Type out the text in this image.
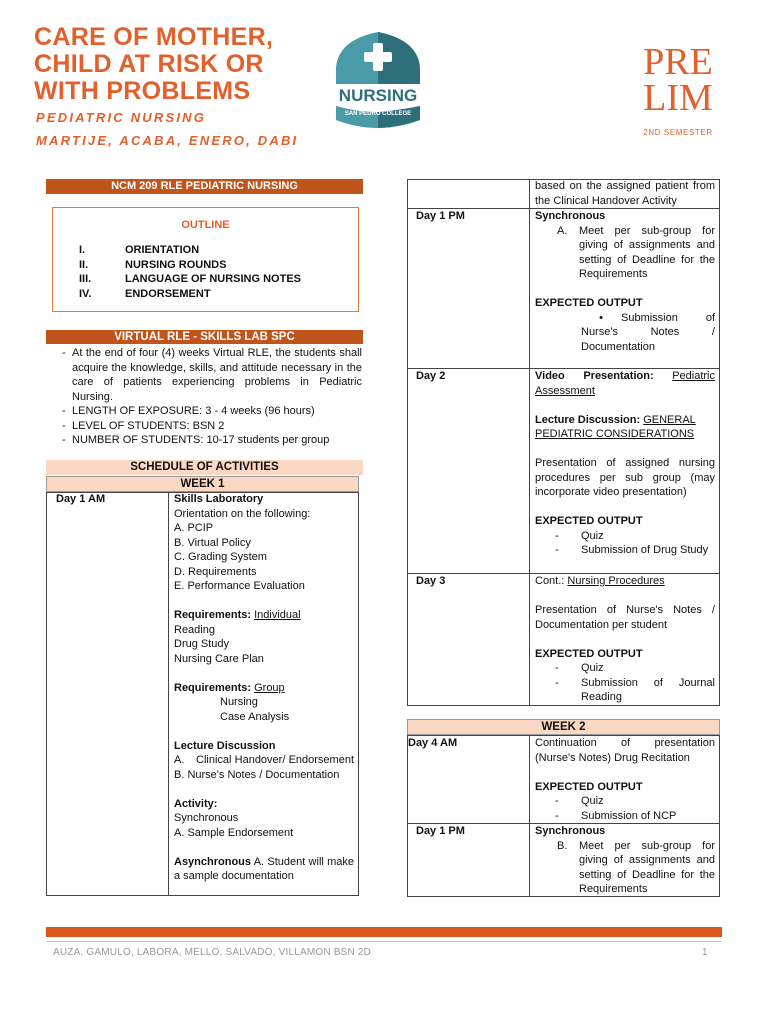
CARE OF MOTHER,
CHILD AT RISK OR
WITH PROBLEMS
PEDIATRIC NURSING
MARTIJE, ACABA, ENERO, DABI
NURSING
SAN PEDRO COLLEGE
PRE
LIM
2ND SEMESTER
NCM 209 RLE PEDIATRIC NURSING
OUTLINE
I.	ORIENTATION
II.	NURSING ROUNDS
III.	LANGUAGE OF NURSING NOTES
IV.	ENDORSEMENT
VIRTUAL RLE - SKILLS LAB SPC
- At the end of four (4) weeks Virtual RLE, the students shall acquire the knowledge, skills, and attitude necessary in the care of patients experiencing problems in Pediatric Nursing.
- LENGTH OF EXPOSURE: 3 - 4 weeks (96 hours)
- LEVEL OF STUDENTS: BSN 2
- NUMBER OF STUDENTS: 10-17 students per group
SCHEDULE OF ACTIVITIES
WEEK 1
Day 1 AM	Skills Laboratory
Orientation on the following:
A. PCIP
B. Virtual Policy
C. Grading System
D. Requirements
E. Performance Evaluation
Requirements: Individual
Reading
Drug Study
Nursing Care Plan
Requirements: Group
Nursing
Case Analysis
Lecture Discussion
A.	Clinical Handover/ Endorsement
B. Nurse's Notes / Documentation
Activity:
Synchronous
A. Sample Endorsement
Asynchronous A. Student will make a sample documentation
based on the assigned patient from the Clinical Handover Activity
Day 1 PM	Synchronous
A.	Meet per sub-group for giving of assignments and setting of Deadline for the Requirements
EXPECTED OUTPUT
• Submission of Nurse's Notes / Documentation
Day 2	Video Presentation: Pediatric Assessment
Lecture Discussion: GENERAL PEDIATRIC CONSIDERATIONS
Presentation of assigned nursing procedures per sub group (may incorporate video presentation)
EXPECTED OUTPUT
-	Quiz
-	Submission of Drug Study
Day 3	Cont.: Nursing Procedures
Presentation of Nurse's Notes / Documentation per student
EXPECTED OUTPUT
-	Quiz
-	Submission of Journal Reading
WEEK 2
Day 4 AM	Continuation of presentation (Nurse's Notes) Drug Recitation
EXPECTED OUTPUT
-	Quiz
-	Submission of NCP
Day 1 PM	Synchronous
B.	Meet per sub-group for giving of assignments and setting of Deadline for the Requirements
AUZA, GAMULO, LABORA, MELLO, SALVADO, VILLAMON BSN 2D	1
